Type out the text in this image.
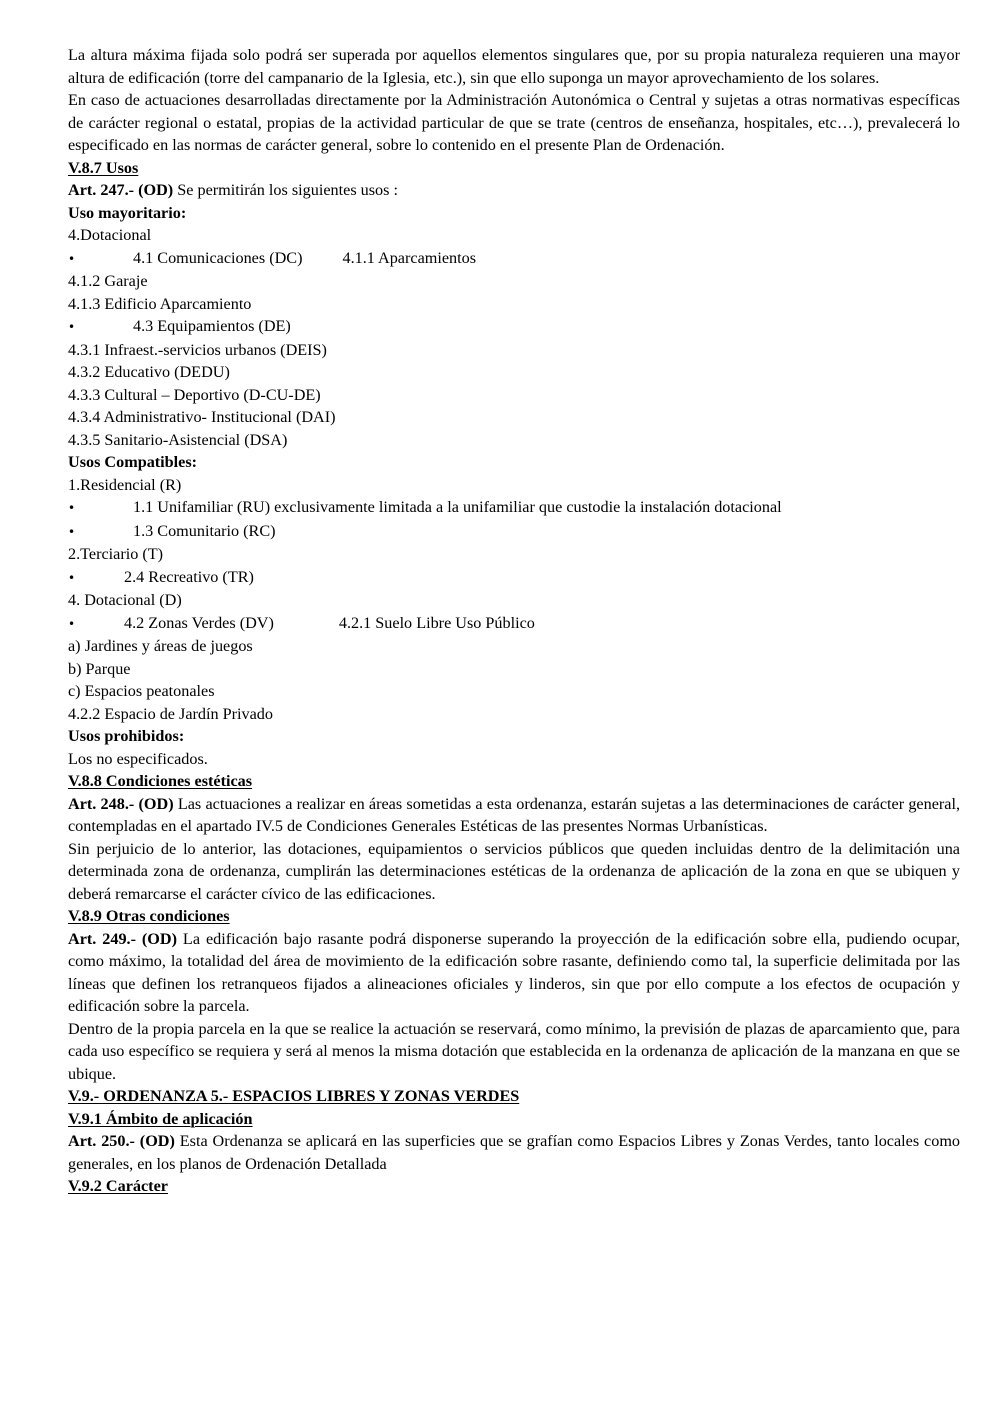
La altura máxima fijada solo podrá ser superada por aquellos elementos singulares que, por su propia naturaleza requieren una mayor altura de edificación (torre del campanario de la Iglesia, etc.), sin que ello suponga un mayor aprovechamiento de los solares.

En caso de actuaciones desarrolladas directamente por la Administración Autonómica o Central y sujetas a otras normativas específicas de carácter regional o estatal, propias de la actividad particular de que se trate (centros de enseñanza, hospitales, etc…), prevalecerá lo especificado en las normas de carácter general, sobre lo contenido en el presente Plan de Ordenación.

V.8.7 Usos

Art. 247.- (OD) Se permitirán los siguientes usos :

Uso mayoritario:

4.Dotacional

•	4.1 Comunicaciones (DC) 4.1.1 Aparcamientos

4.1.2 Garaje

4.1.3 Edificio Aparcamiento

•	4.3 Equipamientos (DE)

4.3.1 Infraest.-servicios urbanos (DEIS)

4.3.2 Educativo (DEDU)

4.3.3 Cultural – Deportivo (D-CU-DE)

4.3.4 Administrativo- Institucional (DAI)

4.3.5 Sanitario-Asistencial (DSA)

Usos Compatibles:

1.Residencial (R)

•	1.1 Unifamiliar (RU) exclusivamente limitada a la unifamiliar que custodie la instalación dotacional
•	1.3 Comunitario (RC)

2.Terciario (T)

•	2.4 Recreativo (TR)

4. Dotacional (D)

•	4.2 Zonas Verdes (DV)	4.2.1 Suelo Libre Uso Público

a) Jardines y áreas de juegos

b) Parque

c) Espacios peatonales

4.2.2 Espacio de Jardín Privado

Usos prohibidos:

Los no especificados.

V.8.8 Condiciones estéticas

Art. 248.- (OD) Las actuaciones a realizar en áreas sometidas a esta ordenanza, estarán sujetas a las determinaciones de carácter general, contempladas en el apartado IV.5 de Condiciones Generales Estéticas de las presentes Normas Urbanísticas.

Sin perjuicio de lo anterior, las dotaciones, equipamientos o servicios públicos que queden incluidas dentro de la delimitación una determinada zona de ordenanza, cumplirán las determinaciones estéticas de la ordenanza de aplicación de la zona en que se ubiquen y deberá remarcarse el carácter cívico de las edificaciones.

V.8.9 Otras condiciones

Art. 249.- (OD) La edificación bajo rasante podrá disponerse superando la proyección de la edificación sobre ella, pudiendo ocupar, como máximo, la totalidad del área de movimiento de la edificación sobre rasante, definiendo como tal, la superficie delimitada por las líneas que definen los retranqueos fijados a alineaciones oficiales y linderos, sin que por ello compute a los efectos de ocupación y edificación sobre la parcela.

Dentro de la propia parcela en la que se realice la actuación se reservará, como mínimo, la previsión de plazas de aparcamiento que, para cada uso específico se requiera y será al menos la misma dotación que establecida en la ordenanza de aplicación de la manzana en que se ubique.

V.9.- ORDENANZA 5.- ESPACIOS LIBRES Y ZONAS VERDES

V.9.1 Ámbito de aplicación

Art. 250.- (OD) Esta Ordenanza se aplicará en las superficies que se grafían como Espacios Libres y Zonas Verdes, tanto locales como generales, en los planos de Ordenación Detallada

V.9.2 Carácter
